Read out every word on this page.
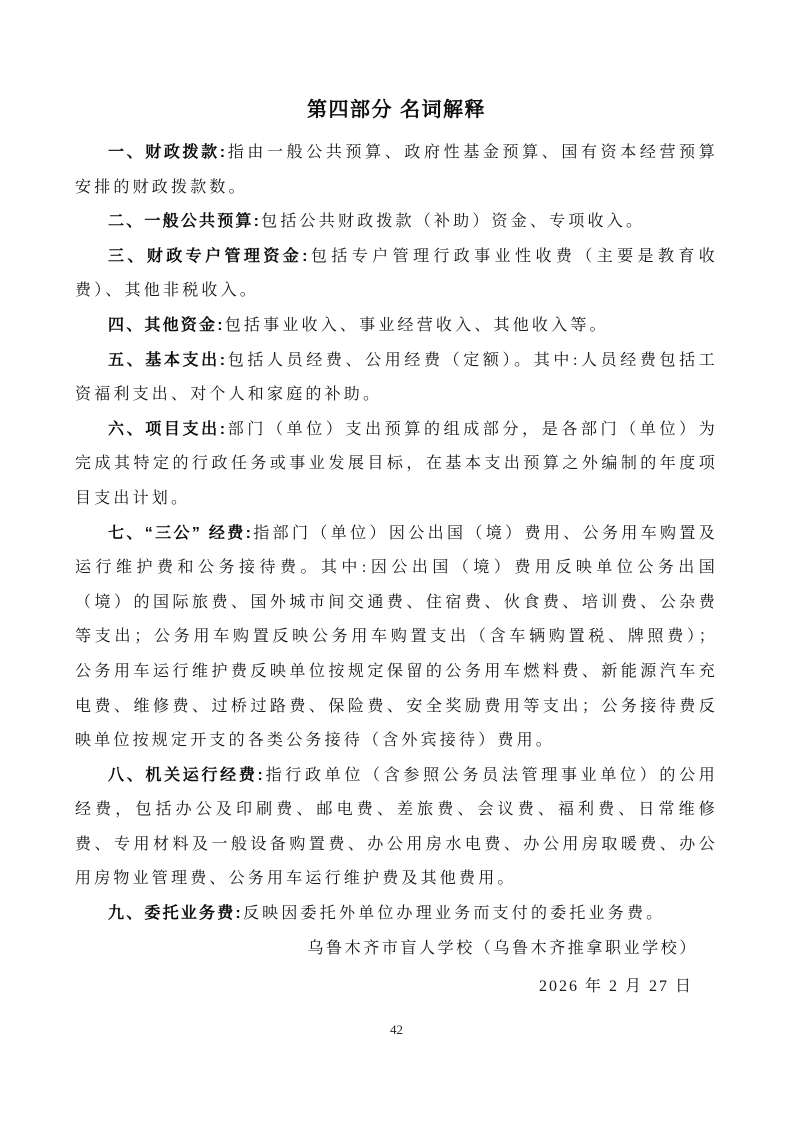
第四部分 名词解释

一、财政拨款:指由一般公共预算、政府性基金预算、国有资本经营预算安排的财政拨款数。

二、一般公共预算:包括公共财政拨款（补助）资金、专项收入。

三、财政专户管理资金:包括专户管理行政事业性收费（主要是教育收费）、其他非税收入。

四、其他资金:包括事业收入、事业经营收入、其他收入等。

五、基本支出:包括人员经费、公用经费（定额）。其中:人员经费包括工资福利支出、对个人和家庭的补助。

六、项目支出:部门（单位）支出预算的组成部分，是各部门（单位）为完成其特定的行政任务或事业发展目标，在基本支出预算之外编制的年度项目支出计划。

七、“三公” 经费:指部门（单位）因公出国（境）费用、公务用车购置及运行维护费和公务接待费。其中:因公出国（境）费用反映单位公务出国（境）的国际旅费、国外城市间交通费、住宿费、伙食费、培训费、公杂费等支出；公务用车购置反映公务用车购置支出（含车辆购置税、牌照费）；公务用车运行维护费反映单位按规定保留的公务用车燃料费、新能源汽车充电费、维修费、过桥过路费、保险费、安全奖励费用等支出；公务接待费反映单位按规定开支的各类公务接待（含外宾接待）费用。

八、机关运行经费:指行政单位（含参照公务员法管理事业单位）的公用经费，包括办公及印刷费、邮电费、差旅费、会议费、福利费、日常维修费、专用材料及一般设备购置费、办公用房水电费、办公用房取暖费、办公用房物业管理费、公务用车运行维护费及其他费用。

九、委托业务费:反映因委托外单位办理业务而支付的委托业务费。

乌鲁木齐市盲人学校（乌鲁木齐推拿职业学校）

2026 年 2 月 27 日

42
